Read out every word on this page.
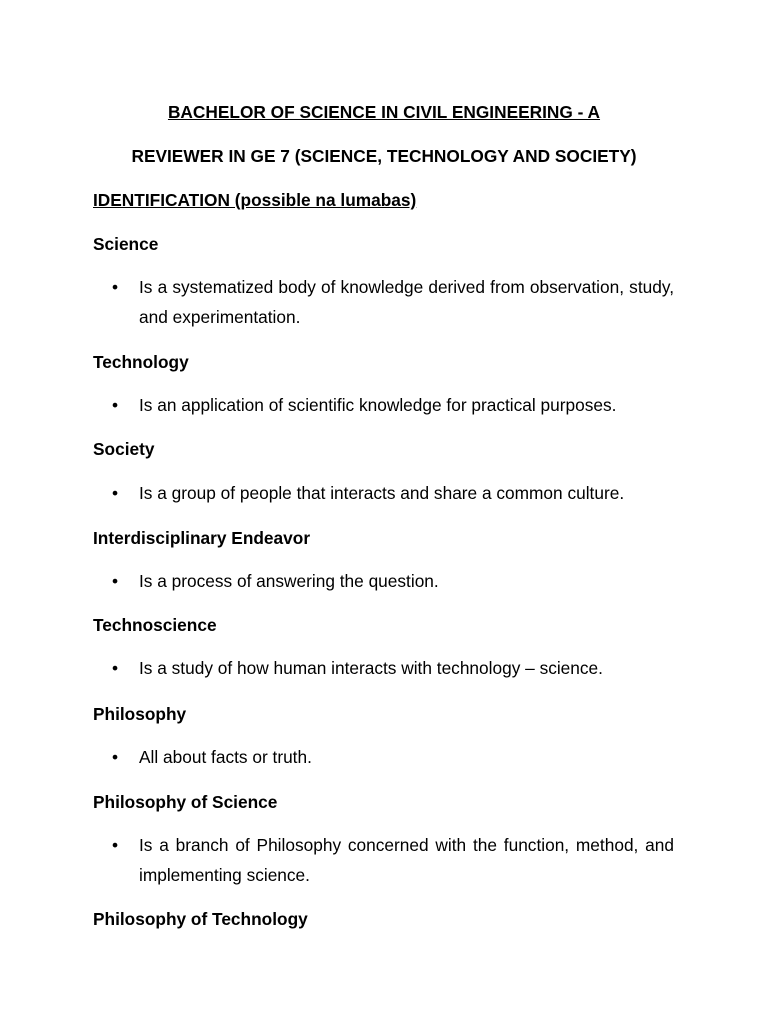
BACHELOR OF SCIENCE IN CIVIL ENGINEERING - A
REVIEWER IN GE 7 (SCIENCE, TECHNOLOGY AND SOCIETY)
IDENTIFICATION (possible na lumabas)
Science
•	Is a systematized body of knowledge derived from observation, study, and experimentation.
Technology
•	Is an application of scientific knowledge for practical purposes.
Society
•	Is a group of people that interacts and share a common culture.
Interdisciplinary Endeavor
•	Is a process of answering the question.
Technoscience
•	Is a study of how human interacts with technology – science.
Philosophy
•	All about facts or truth.
Philosophy of Science
•	Is a branch of Philosophy concerned with the function, method, and implementing science.
Philosophy of Technology
